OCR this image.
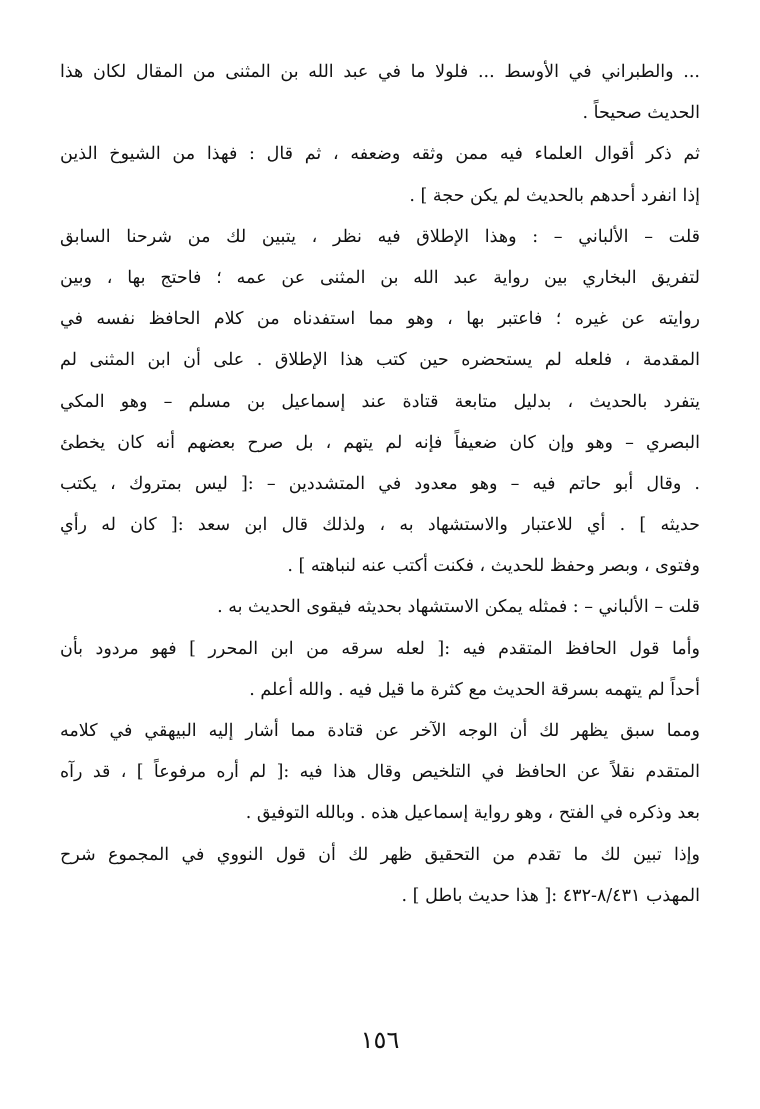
... والطبراني في الأوسط ... فلولا ما في عبد الله بن المثنى من المقال لكان هذا
الحديث صحيحاً .
ثم ذكر أقوال العلماء فيه ممن وثقه وضعفه ، ثم قال : فهذا من الشيوخ الذين
إذا انفرد أحدهم بالحديث لم يكن حجة ] .
قلت – الألباني – : وهذا الإطلاق فيه نظر ، يتبين لك من شرحنا السابق
لتفريق البخاري بين رواية عبد الله بن المثنى عن عمه ؛ فاحتج بها ، وبين
روايته عن غيره ؛ فاعتبر بها ، وهو مما استفدناه من كلام الحافظ نفسه في
المقدمة ، فلعله لم يستحضره حين كتب هذا الإطلاق . على أن ابن المثنى لم
يتفرد بالحديث ، بدليل متابعة قتادة عند إسماعيل بن مسلم – وهو المكي
البصري – وهو وإن كان ضعيفاً فإنه لم يتهم ، بل صرح بعضهم أنه كان يخطئ
. وقال أبو حاتم فيه – وهو معدود في المتشددين – :[ ليس بمتروك ، يكتب
حديثه ] . أي للاعتبار والاستشهاد به ، ولذلك قال ابن سعد :[ كان له رأي
وفتوى ، وبصر وحفظ للحديث ، فكنت أكتب عنه لنباهته ] .
قلت – الألباني – : فمثله يمكن الاستشهاد بحديثه فيقوى الحديث به .
وأما قول الحافظ المتقدم فيه :[ لعله سرقه من ابن المحرر ] فهو مردود بأن
أحداً لم يتهمه بسرقة الحديث مع كثرة ما قيل فيه . والله أعلم .
ومما سبق يظهر لك أن الوجه الآخر عن قتادة مما أشار إليه البيهقي في كلامه
المتقدم نقلاً عن الحافظ في التلخيص وقال هذا فيه :[ لم أره مرفوعاً ] ، قد رآه
بعد وذكره في الفتح ، وهو رواية إسماعيل هذه . وبالله التوفيق .
وإذا تبين لك ما تقدم من التحقيق ظهر لك أن قول النووي في المجموع شرح
المهذب ٨/٤٣١-٤٣٢ :[ هذا حديث باطل ] .
١٥٦
